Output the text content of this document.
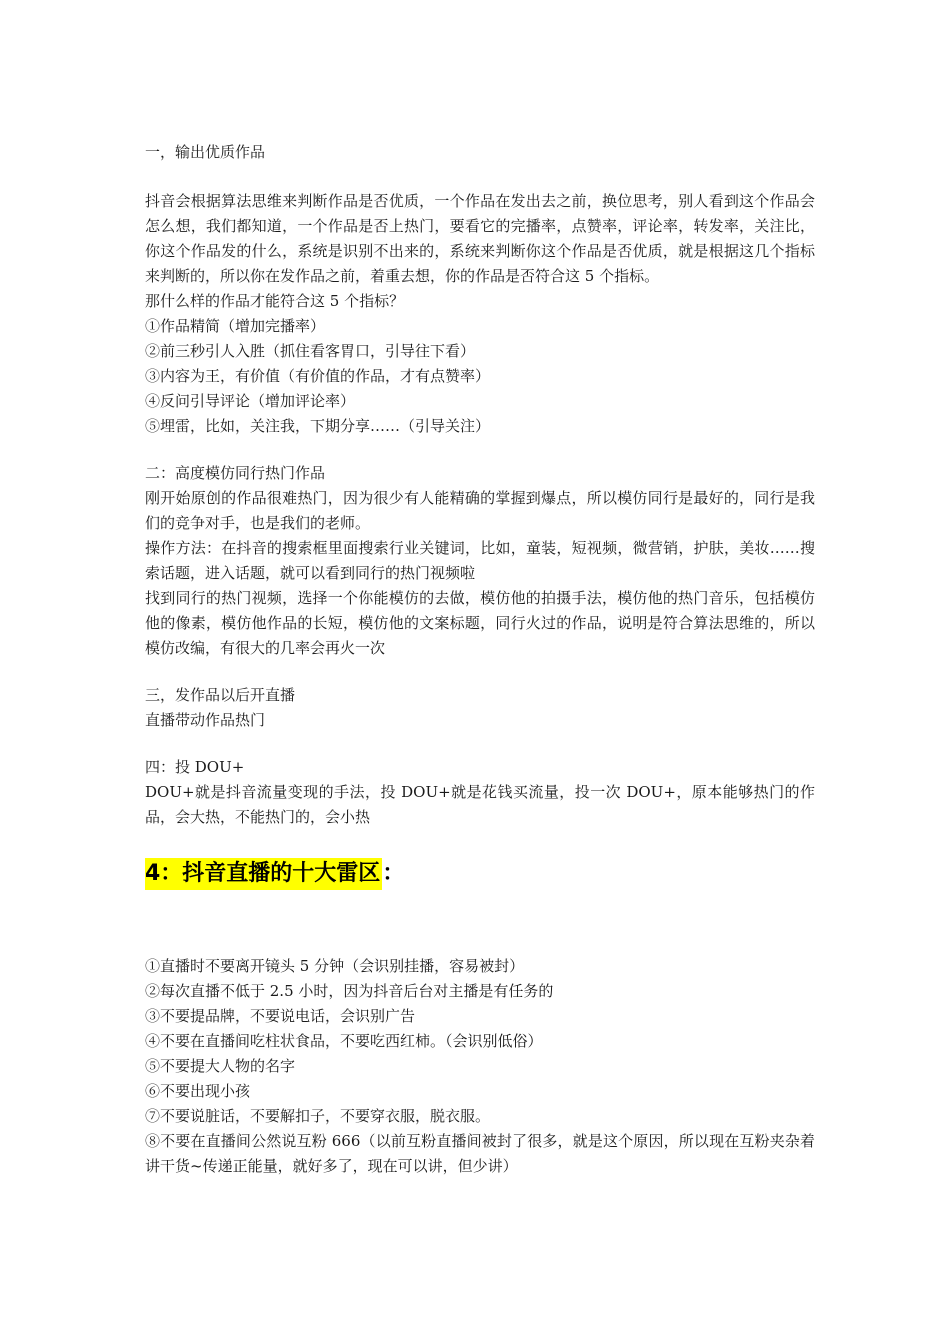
一，输出优质作品

抖音会根据算法思维来判断作品是否优质，一个作品在发出去之前，换位思考，别人看到这个作品会怎么想，我们都知道，一个作品是否上热门，要看它的完播率，点赞率，评论率，转发率，关注比，你这个作品发的什么，系统是识别不出来的，系统来判断你这个作品是否优质，就是根据这几个指标来判断的，所以你在发作品之前，着重去想，你的作品是否符合这 5 个指标。

那什么样的作品才能符合这 5 个指标？

①作品精简（增加完播率）

②前三秒引人入胜（抓住看客胃口，引导往下看）

③内容为王，有价值（有价值的作品，才有点赞率）

④反问引导评论（增加评论率）

⑤埋雷，比如，关注我，下期分享……（引导关注）

二：高度模仿同行热门作品

刚开始原创的作品很难热门，因为很少有人能精确的掌握到爆点，所以模仿同行是最好的，同行是我们的竞争对手，也是我们的老师。

操作方法：在抖音的搜索框里面搜索行业关键词，比如，童装，短视频，微营销，护肤，美妆……搜索话题，进入话题，就可以看到同行的热门视频啦

找到同行的热门视频，选择一个你能模仿的去做，模仿他的拍摄手法，模仿他的热门音乐，包括模仿他的像素，模仿他作品的长短，模仿他的文案标题，同行火过的作品，说明是符合算法思维的，所以模仿改编，有很大的几率会再火一次

三，发作品以后开直播

直播带动作品热门

四：投 DOU+

DOU+就是抖音流量变现的手法，投 DOU+就是花钱买流量，投一次 DOU+，原本能够热门的作品，会大热，不能热门的，会小热

4：抖音直播的十大雷区：

①直播时不要离开镜头 5 分钟（会识别挂播，容易被封）

②每次直播不低于 2.5 小时，因为抖音后台对主播是有任务的

③不要提品牌，不要说电话，会识别广告

④不要在直播间吃柱状食品，不要吃西红柿。（会识别低俗）

⑤不要提大人物的名字

⑥不要出现小孩

⑦不要说脏话，不要解扣子，不要穿衣服，脱衣服。

⑧不要在直播间公然说互粉 666（以前互粉直播间被封了很多，就是这个原因，所以现在互粉夹杂着讲干货~传递正能量，就好多了，现在可以讲，但少讲）
